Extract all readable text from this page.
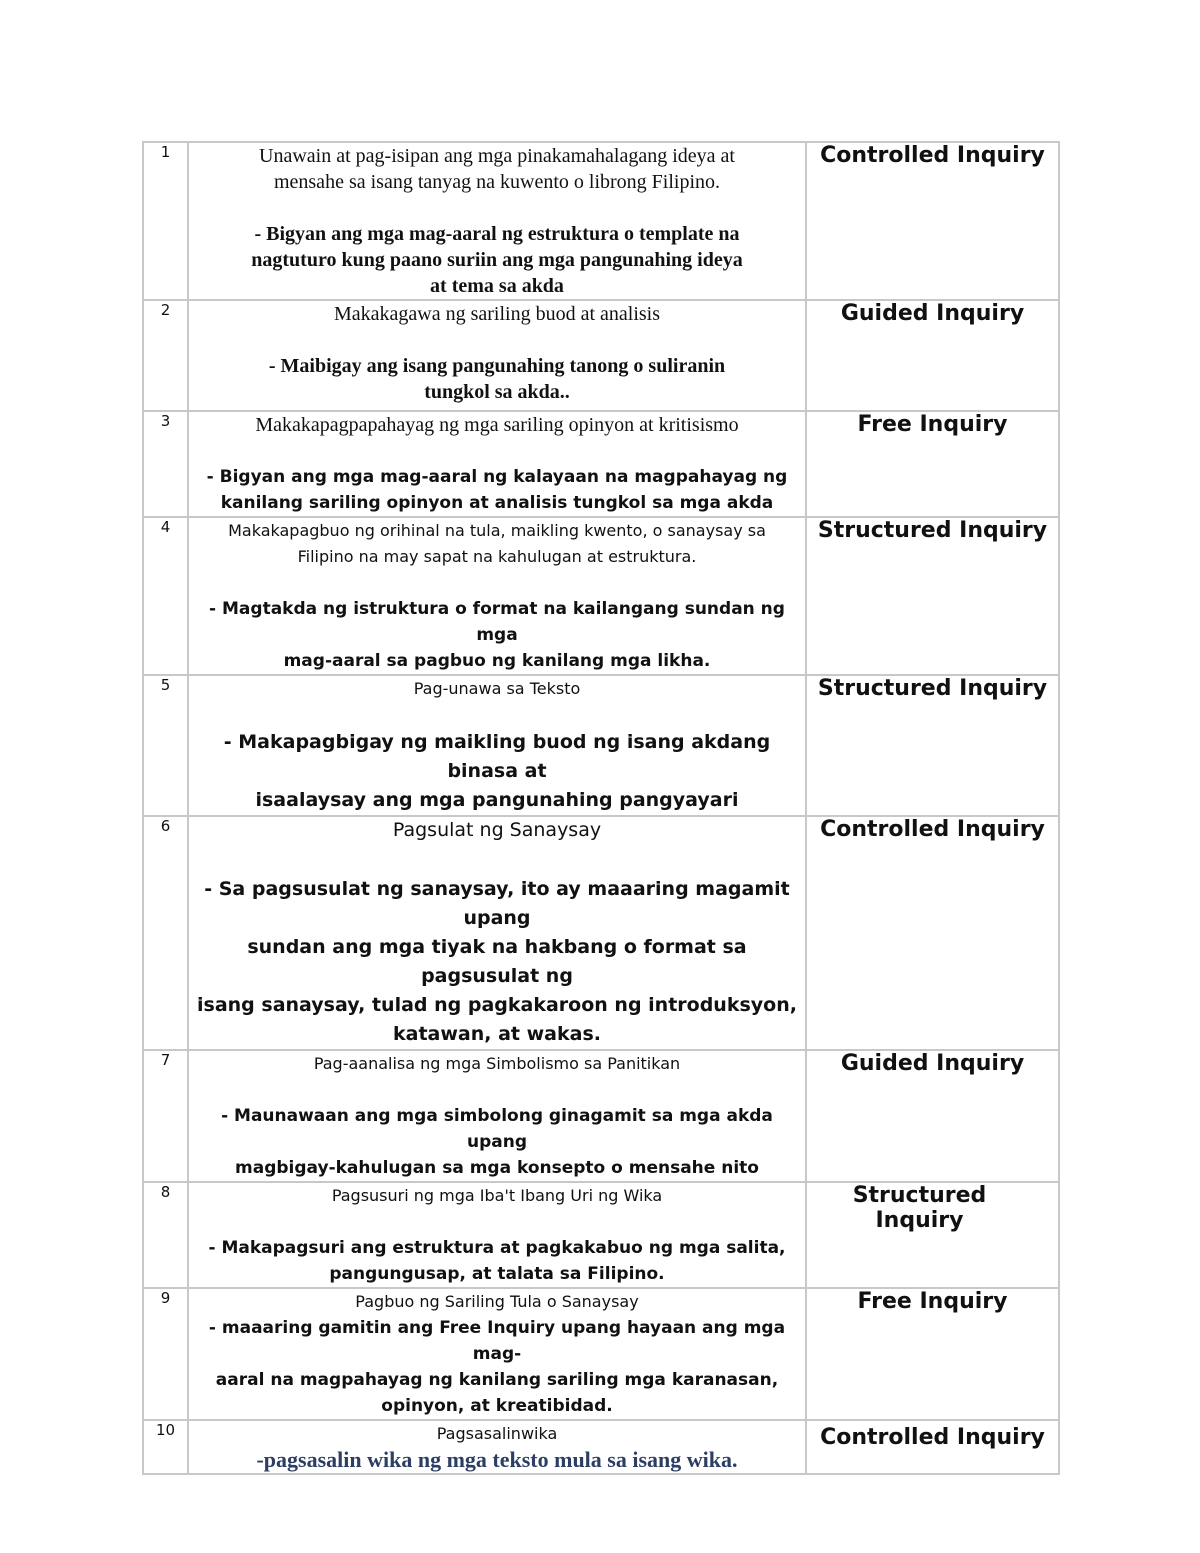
1	Unawain at pag-isipan ang mga pinakamahalagang ideya at
mensahe sa isang tanyag na kuwento o librong Filipino.
- Bigyan ang mga mag-aaral ng estruktura o template na
nagtuturo kung paano suriin ang mga pangunahing ideya
at tema sa akda	Controlled Inquiry
2	Makakagawa ng sariling buod at analisis
- Maibigay ang isang pangunahing tanong o suliranin
tungkol sa akda..	Guided Inquiry
3	Makakapagpapahayag ng mga sariling opinyon at kritisismo
- Bigyan ang mga mag-aaral ng kalayaan na magpahayag ng
kanilang sariling opinyon at analisis tungkol sa mga akda	Free Inquiry
4	Makakapagbuo ng orihinal na tula, maikling kwento, o sanaysay sa
Filipino na may sapat na kahulugan at estruktura.
- Magtakda ng istruktura o format na kailangang sundan ng mga
mag-aaral sa pagbuo ng kanilang mga likha.	Structured Inquiry
5	Pag-unawa sa Teksto
- Makapagbigay ng maikling buod ng isang akdang binasa at
isaalaysay ang mga pangunahing pangyayari	Structured Inquiry
6	Pagsulat ng Sanaysay
- Sa pagsusulat ng sanaysay, ito ay maaaring magamit upang
sundan ang mga tiyak na hakbang o format sa pagsusulat ng
isang sanaysay, tulad ng pagkakaroon ng introduksyon,
katawan, at wakas.	Controlled Inquiry
7	Pag-aanalisa ng mga Simbolismo sa Panitikan
- Maunawaan ang mga simbolong ginagamit sa mga akda upang
magbigay-kahulugan sa mga konsepto o mensahe nito	Guided Inquiry
8	Pagsusuri ng mga Iba't Ibang Uri ng Wika
- Makapagsuri ang estruktura at pagkakabuo ng mga salita,
pangungusap, at talata sa Filipino.	Structured Inquiry
9	Pagbuo ng Sariling Tula o Sanaysay
- maaaring gamitin ang Free Inquiry upang hayaan ang mga mag-
aaral na magpahayag ng kanilang sariling mga karanasan,
opinyon, at kreatibidad.	Free Inquiry
10	Pagsasalinwika
-pagsasalin wika ng mga teksto mula sa isang wika.	Controlled Inquiry
